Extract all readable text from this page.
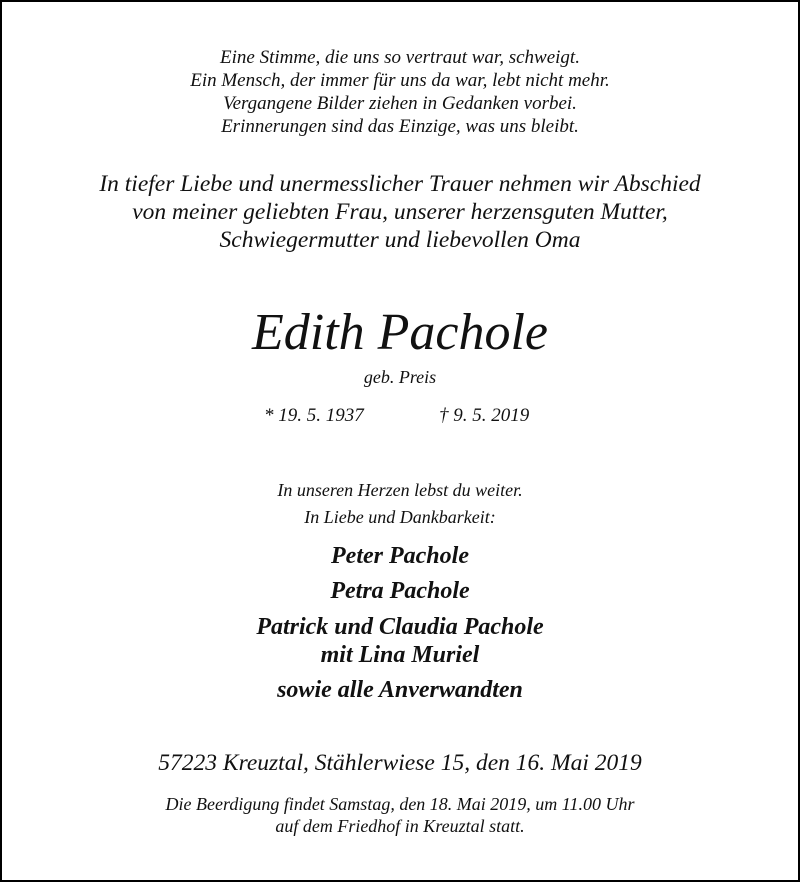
Eine Stimme, die uns so vertraut war, schweigt.
Ein Mensch, der immer für uns da war, lebt nicht mehr.
Vergangene Bilder ziehen in Gedanken vorbei.
Erinnerungen sind das Einzige, was uns bleibt.
In tiefer Liebe und unermesslicher Trauer nehmen wir Abschied
von meiner geliebten Frau, unserer herzensguten Mutter,
Schwiegermutter und liebevollen Oma
Edith Pachole
geb. Preis
* 19. 5. 1937	† 9. 5. 2019
In unseren Herzen lebst du weiter.
In Liebe und Dankbarkeit:
Peter Pachole
Petra Pachole
Patrick und Claudia Pachole
mit Lina Muriel
sowie alle Anverwandten
57223 Kreuztal, Stählerwiese 15, den 16. Mai 2019
Die Beerdigung findet Samstag, den 18. Mai 2019, um 11.00 Uhr
auf dem Friedhof in Kreuztal statt.
